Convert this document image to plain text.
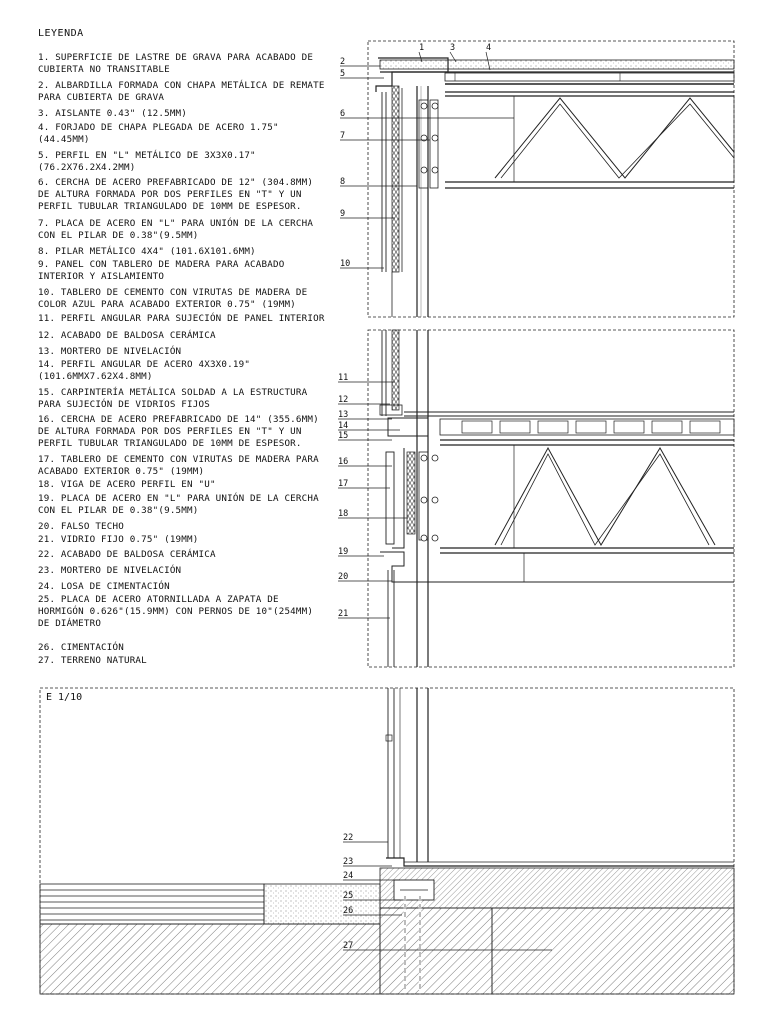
LEYENDA
1. SUPERFICIE DE LASTRE DE GRAVA PARA ACABADO DE CUBIERTA NO TRANSITABLE
2. ALBARDILLA FORMADA CON CHAPA METÁLICA DE REMATE PARA CUBIERTA DE GRAVA
3. AISLANTE 0.43" (12.5MM)
4. FORJADO DE CHAPA PLEGADA DE ACERO 1.75"(44.45MM)
5. PERFIL EN "L" METÁLICO DE 3X3X0.17"(76.2X76.2X4.2MM)
6. CERCHA DE ACERO PREFABRICADO DE 12" (304.8MM) DE ALTURA FORMADA POR DOS PERFILES EN "T" Y UN PERFIL TUBULAR TRIANGULADO DE 10MM DE ESPESOR.
7. PLACA DE ACERO EN "L" PARA UNIÓN DE LA CERCHA CON EL PILAR DE 0.38"(9.5MM)
8. PILAR METÁLICO 4X4" (101.6X101.6MM)
9. PANEL CON TABLERO DE MADERA PARA ACABADO INTERIOR Y AISLAMIENTO
10. TABLERO DE CEMENTO CON VIRUTAS DE MADERA DE COLOR AZUL PARA ACABADO EXTERIOR 0.75" (19MM)
11. PERFIL ANGULAR PARA SUJECIÓN DE PANEL INTERIOR
12. ACABADO DE BALDOSA CERÁMICA
13. MORTERO DE NIVELACIÓN
14. PERFIL ANGULAR DE ACERO 4X3X0.19" (101.6MMX7.62X4.8MM)
15. CARPINTERÍA METÁLICA SOLDAD A LA ESTRUCTURA PARA SUJECIÓN DE VIDRIOS FIJOS
16. CERCHA DE ACERO PREFABRICADO DE 14" (355.6MM) DE ALTURA FORMADA POR DOS PERFILES EN "T" Y UN PERFIL TUBULAR TRIANGULADO DE 10MM DE ESPESOR.
17. TABLERO DE CEMENTO CON VIRUTAS DE MADERA PARA ACABADO EXTERIOR 0.75" (19MM)
18. VIGA DE ACERO PERFIL EN "U"
19. PLACA DE ACERO EN "L" PARA UNIÓN DE LA CERCHA CON EL PILAR DE 0.38"(9.5MM)
20. FALSO TECHO
21. VIDRIO FIJO 0.75" (19MM)
22. ACABADO DE BALDOSA CERÁMICA
23. MORTERO DE NIVELACIÓN
24. LOSA DE CIMENTACIÓN
25. PLACA DE ACERO ATORNILLADA A ZAPATA DE HORMIGÓN 0.626"(15.9MM) CON PERNOS DE 10"(254MM) DE DIÁMETRO
26. CIMENTACIÓN
27. TERRENO NATURAL
E 1/10
1
2
3	4
5
6
7
8
9
10
11
12
13
14
15
16
17
18
19
20
21
22
23
24
25
26
27
